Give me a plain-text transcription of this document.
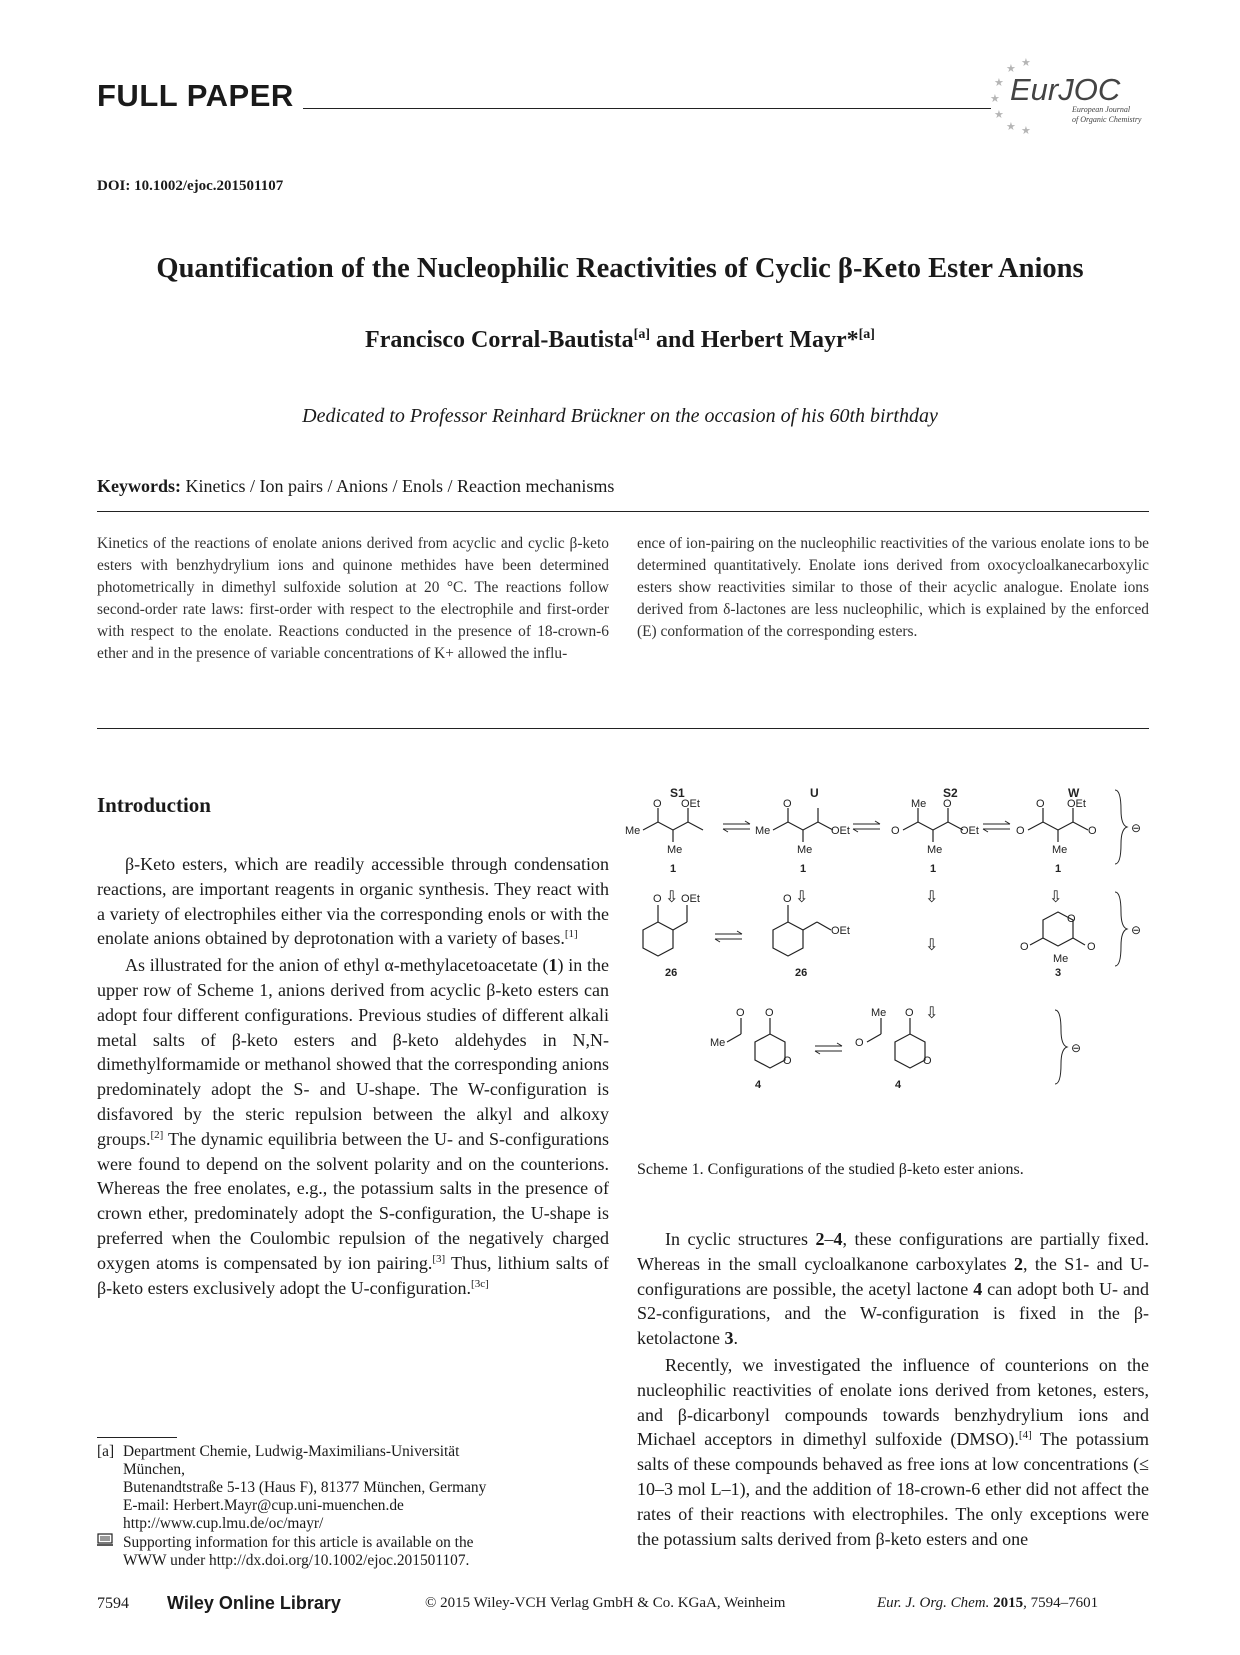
FULL PAPER
★
★
★
★
★ ★
★
EurJOC
European Journal
of Organic Chemistry
DOI: 10.1002/ejoc.201501107
Quantification of the Nucleophilic Reactivities of Cyclic β-Keto Ester Anions
Francisco Corral-Bautista[a] and Herbert Mayr*[a]
Dedicated to Professor Reinhard Brückner on the occasion of his 60th birthday
Keywords: Kinetics / Ion pairs / Anions / Enols / Reaction mechanisms

Kinetics of the reactions of enolate anions derived from acyclic and cyclic β-keto esters with benzhydrylium ions and quinone methides have been determined photometrically in dimethyl sulfoxide solution at 20 °C. The reactions follow second-order rate laws: first-order with respect to the electrophile and first-order with respect to the enolate. Reactions conducted in the presence of 18-crown-6 ether and in the presence of variable concentrations of K+ allowed the influ-

ence of ion-pairing on the nucleophilic reactivities of the various enolate ions to be determined quantitatively. Enolate ions derived from oxocycloalkanecarboxylic esters show reactivities similar to those of their acyclic analogue. Enolate ions derived from δ-lactones are less nucleophilic, which is explained by the enforced (E) conformation of the corresponding esters.

Introduction

β-Keto esters, which are readily accessible through condensation reactions, are important reagents in organic synthesis. They react with a variety of electrophiles either via the corresponding enols or with the enolate anions obtained by deprotonation with a variety of bases.[1]

As illustrated for the anion of ethyl α-methylacetoacetate (1) in the upper row of Scheme 1, anions derived from acyclic β-keto esters can adopt four different configurations. Previous studies of different alkali metal salts of β-keto esters and β-keto aldehydes in N,N-dimethylformamide or methanol showed that the corresponding anions predominately adopt the S- and U-shape. The W-configuration is disfavored by the steric repulsion between the alkyl and alkoxy groups.[2] The dynamic equilibria between the U- and S-configurations were found to depend on the solvent polarity and on the counterions. Whereas the free enolates, e.g., the potassium salts in the presence of crown ether, predominately adopt the S-configuration, the U-shape is preferred when the Coulombic repulsion of the negatively charged oxygen atoms is compensated by ion pairing.[3] Thus, lithium salts of β-keto esters exclusively adopt the U-configuration.[3c]

S1	U	S2	W
O OEt
Me
Me
O
Me	OEt
Me
Me O
O	OEt
Me
O OEt
O	O
Me
1	1	1	1
⊖
⇩	⇩	⇩	⇩
⇩
⇩
O OEt	O
OEt
O
O	O
Me
26	26	3
⊖
O O
Me
O
Me O
O
O
4	4
⊖
Scheme 1. Configurations of the studied β-keto ester anions.

In cyclic structures 2–4, these configurations are partially fixed. Whereas in the small cycloalkanone carboxylates 2, the S1- and U-configurations are possible, the acetyl lactone 4 can adopt both U- and S2-configurations, and the W-configuration is fixed in the β-ketolactone 3.

Recently, we investigated the influence of counterions on the nucleophilic reactivities of enolate ions derived from ketones, esters, and β-dicarbonyl compounds towards benzhydrylium ions and Michael acceptors in dimethyl sulfoxide (DMSO).[4] The potassium salts of these compounds behaved as free ions at low concentrations (≤ 10–3 mol L–1), and the addition of 18-crown-6 ether did not affect the rates of their reactions with electrophiles. The only exceptions were the potassium salts derived from β-keto esters and one

[a] Department Chemie, Ludwig-Maximilians-Universität
München,
Butenandtstraße 5-13 (Haus F), 81377 München, Germany
E-mail: Herbert.Mayr@cup.uni-muenchen.de
http://www.cup.lmu.de/oc/mayr/
Supporting information for this article is available on the
WWW under http://dx.doi.org/10.1002/ejoc.201501107.
7594 Wiley Online Library	© 2015 Wiley-VCH Verlag GmbH & Co. KGaA, Weinheim	Eur. J. Org. Chem. 2015, 7594–7601
